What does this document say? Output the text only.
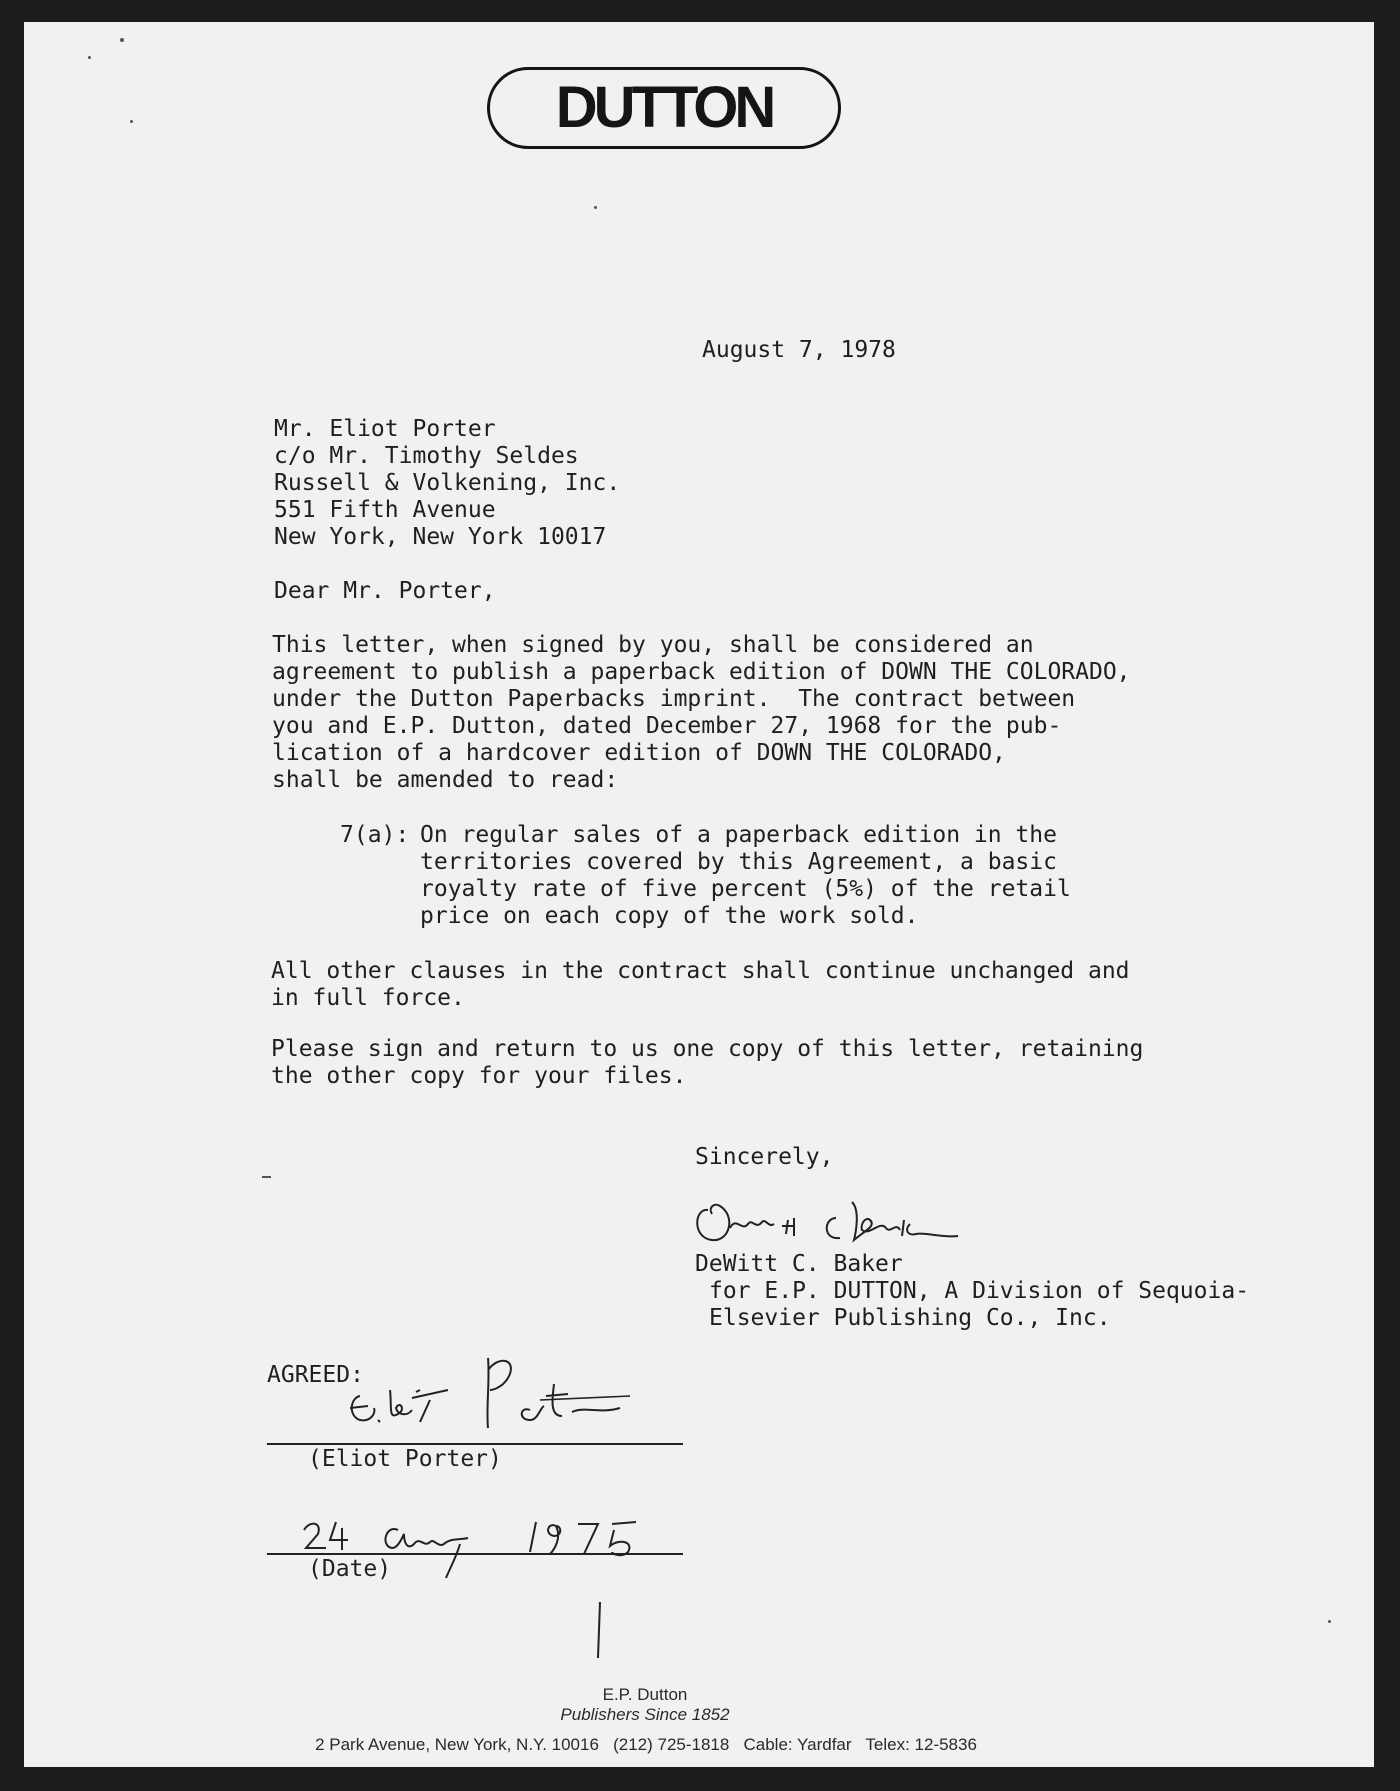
DUTTON
August 7, 1978
Mr. Eliot Porter
c/o Mr. Timothy Seldes
Russell & Volkening, Inc.
551 Fifth Avenue
New York, New York 10017
Dear Mr. Porter,
This letter, when signed by you, shall be considered an
agreement to publish a paperback edition of DOWN THE COLORADO,
under the Dutton Paperbacks imprint.  The contract between
you and E.P. Dutton, dated December 27, 1968 for the pub-
lication of a hardcover edition of DOWN THE COLORADO,
shall be amended to read:
7(a): On regular sales of a paperback edition in the
territories covered by this Agreement, a basic
royalty rate of five percent (5%) of the retail
price on each copy of the work sold.
All other clauses in the contract shall continue unchanged and
in full force.
Please sign and return to us one copy of this letter, retaining
the other copy for your files.
Sincerely,
DeWitt C. Baker
for E.P. DUTTON, A Division of Sequoia-
Elsevier Publishing Co., Inc.
AGREED:
(Eliot Porter)
(Date)
E.P. Dutton
Publishers Since 1852
2 Park Avenue, New York, N.Y. 10016   (212) 725-1818   Cable: Yardfar   Telex: 12-5836
